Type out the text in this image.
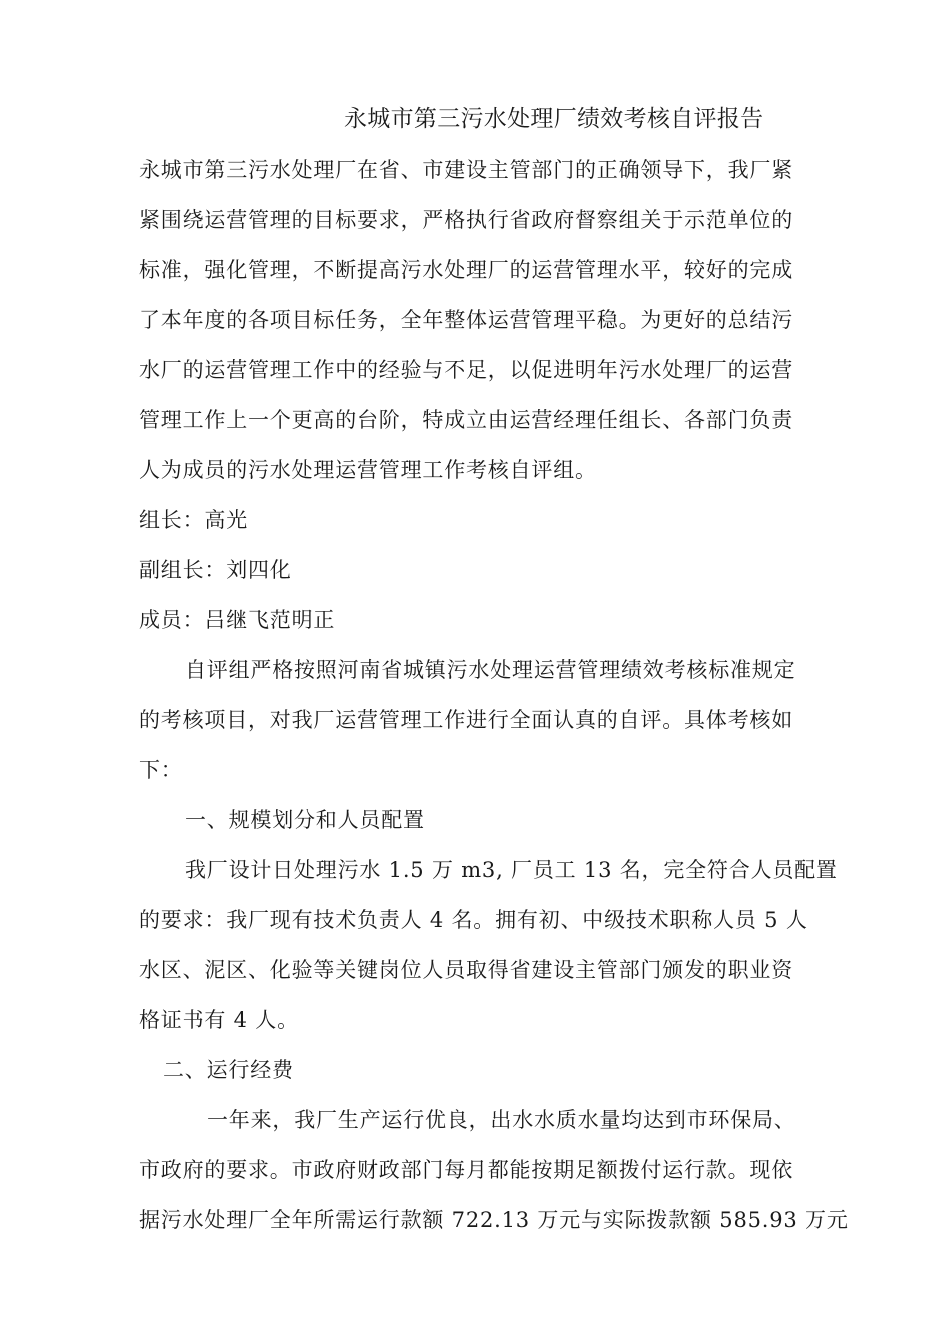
永城市第三污水处理厂绩效考核自评报告
永城市第三污水处理厂在省、市建设主管部门的正确领导下，我厂紧
紧围绕运营管理的目标要求，严格执行省政府督察组关于示范单位的
标准，强化管理，不断提高污水处理厂的运营管理水平，较好的完成
了本年度的各项目标任务，全年整体运营管理平稳。为更好的总结污
水厂的运营管理工作中的经验与不足，以促进明年污水处理厂的运营
管理工作上一个更高的台阶，特成立由运营经理任组长、各部门负责
人为成员的污水处理运营管理工作考核自评组。
组长：高光
副组长：刘四化
成员：吕继飞范明正
自评组严格按照河南省城镇污水处理运营管理绩效考核标准规定
的考核项目，对我厂运营管理工作进行全面认真的自评。具体考核如
下：
一、规模划分和人员配置
我厂设计日处理污水 1.5 万 m3, 厂员工 13 名，完全符合人员配置
的要求：我厂现有技术负责人 4 名。拥有初、中级技术职称人员 5 人
水区、泥区、化验等关键岗位人员取得省建设主管部门颁发的职业资
格证书有 4 人。
二、运行经费
一年来，我厂生产运行优良，出水水质水量均达到市环保局、
市政府的要求。市政府财政部门每月都能按期足额拨付运行款。现依
据污水处理厂全年所需运行款额 722.13 万元与实际拨款额 585.93 万元
